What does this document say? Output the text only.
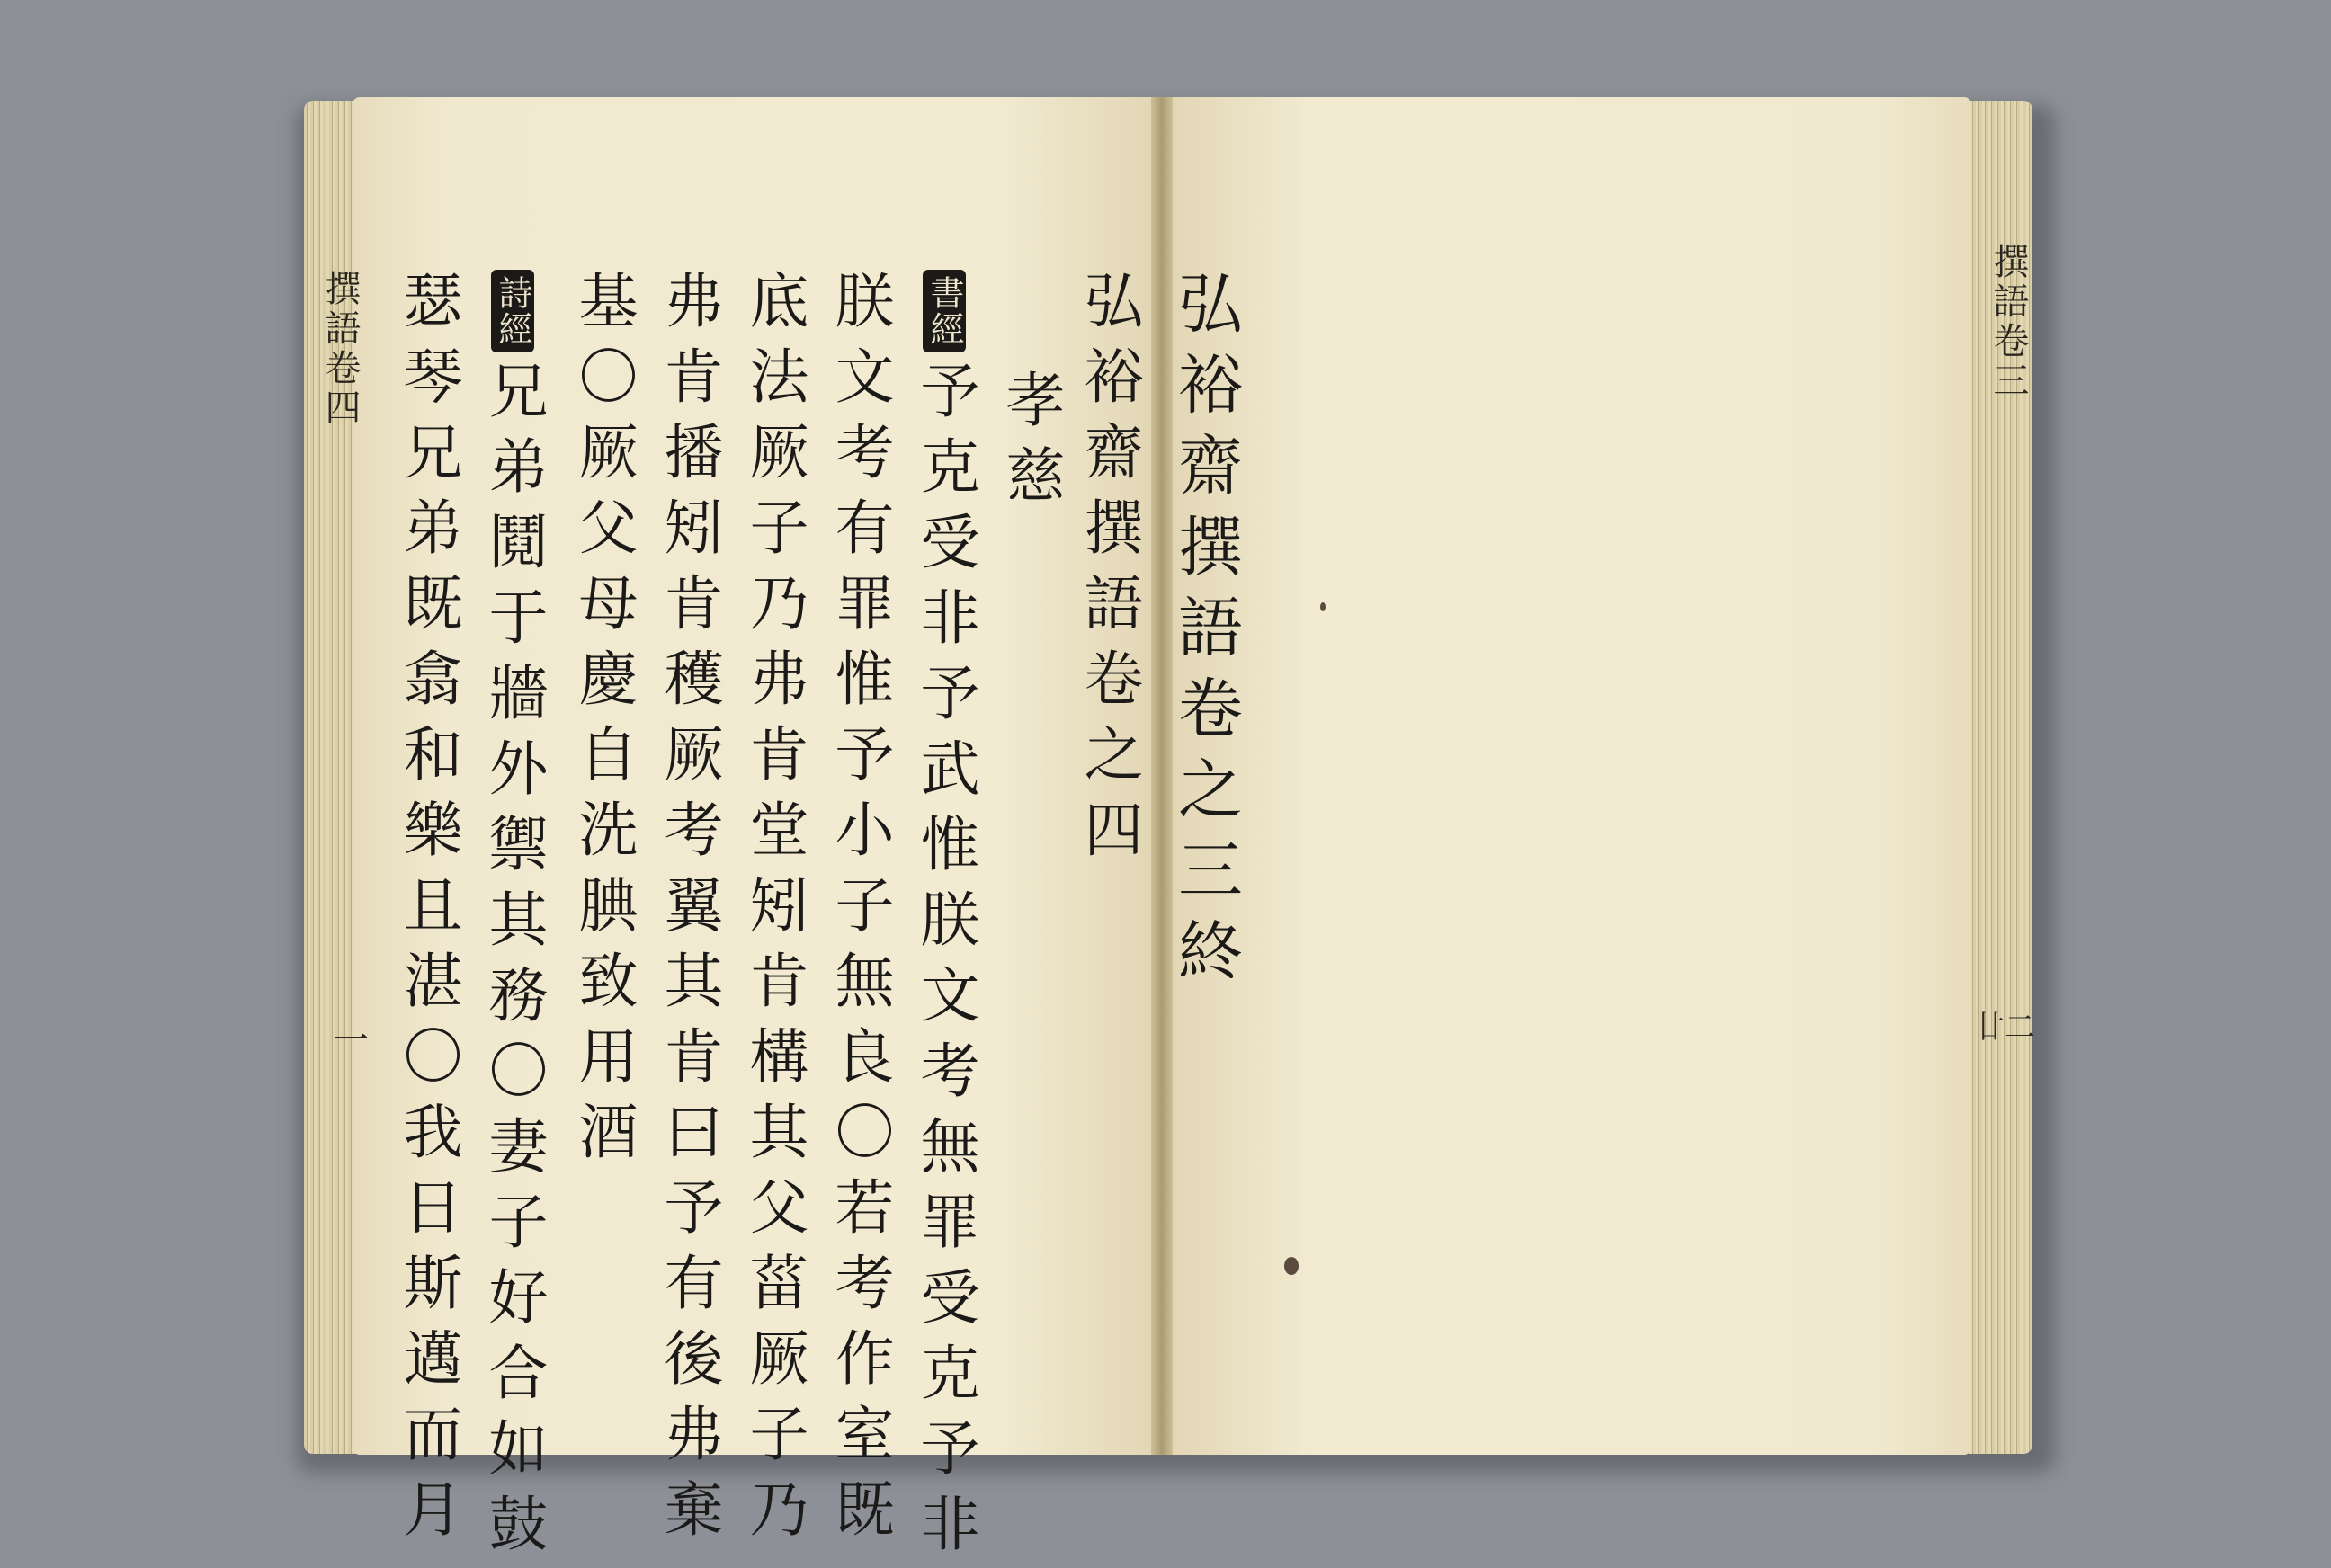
撰語卷四
一
弘裕齋撰語卷之四
孝慈
書經予克受非予武惟朕文考無罪受克予非
朕文考有罪惟予小子無良〇若考作室既
底法厥子乃弗肯堂矧肯構其父菑厥子乃
弗肯播矧肯穫厥考翼其肯曰予有後弗棄
基〇厥父母慶自洗腆致用酒
詩經兄弟鬩于牆外禦其務〇妻子好合如鼓
瑟琴兄弟既翕和樂且湛〇我日斯邁而月	弘裕齋撰語卷之三終	撰語卷三
廿二
